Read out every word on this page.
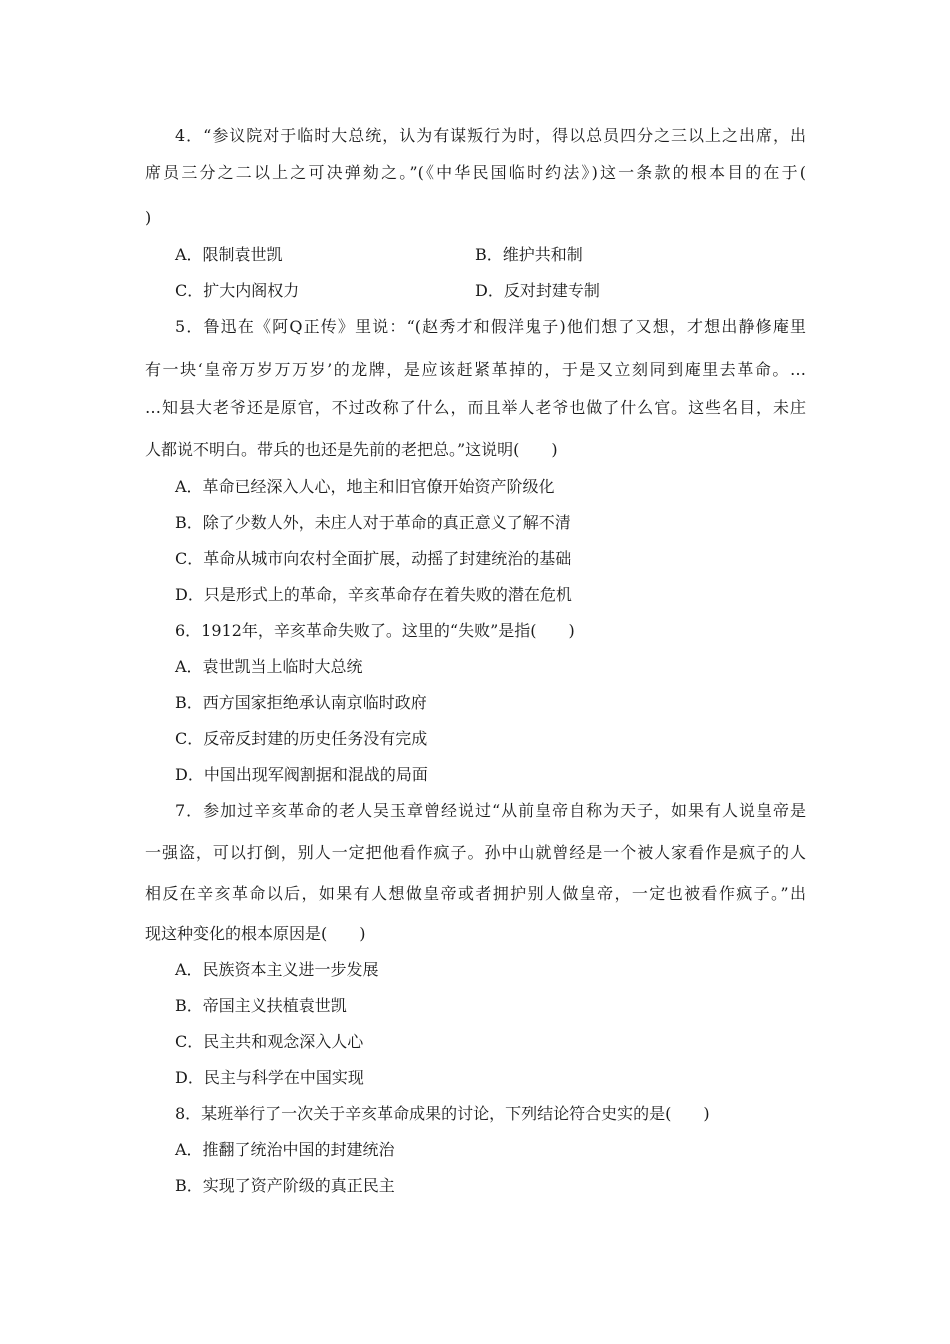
4．“参议院对于临时大总统，认为有谋叛行为时，得以总员四分之三以上之出席，出
席员三分之二以上之可决弹劾之。”(《中华民国临时约法》)这一条款的根本目的在于(
)
A．限制袁世凯	B．维护共和制
C．扩大内阁权力	D．反对封建专制
5．鲁迅在《阿Q正传》里说：“(赵秀才和假洋鬼子)他们想了又想，才想出静修庵里
有一块‘皇帝万岁万万岁’的龙牌，是应该赶紧革掉的，于是又立刻同到庵里去革命。…
…知县大老爷还是原官，不过改称了什么，而且举人老爷也做了什么官。这些名目，未庄
人都说不明白。带兵的也还是先前的老把总。”这说明(　　)
A．革命已经深入人心，地主和旧官僚开始资产阶级化
B．除了少数人外，未庄人对于革命的真正意义了解不清
C．革命从城市向农村全面扩展，动摇了封建统治的基础
D．只是形式上的革命，辛亥革命存在着失败的潜在危机
6．1912年，辛亥革命失败了。这里的“失败”是指(　　)
A．袁世凯当上临时大总统
B．西方国家拒绝承认南京临时政府
C．反帝反封建的历史任务没有完成
D．中国出现军阀割据和混战的局面
7．参加过辛亥革命的老人吴玉章曾经说过“从前皇帝自称为天子，如果有人说皇帝是
一强盗，可以打倒，别人一定把他看作疯子。孙中山就曾经是一个被人家看作是疯子的人
相反在辛亥革命以后，如果有人想做皇帝或者拥护别人做皇帝，一定也被看作疯子。”出
现这种变化的根本原因是(　　)
A．民族资本主义进一步发展
B．帝国主义扶植袁世凯
C．民主共和观念深入人心
D．民主与科学在中国实现
8．某班举行了一次关于辛亥革命成果的讨论，下列结论符合史实的是(　　)
A．推翻了统治中国的封建统治
B．实现了资产阶级的真正民主
